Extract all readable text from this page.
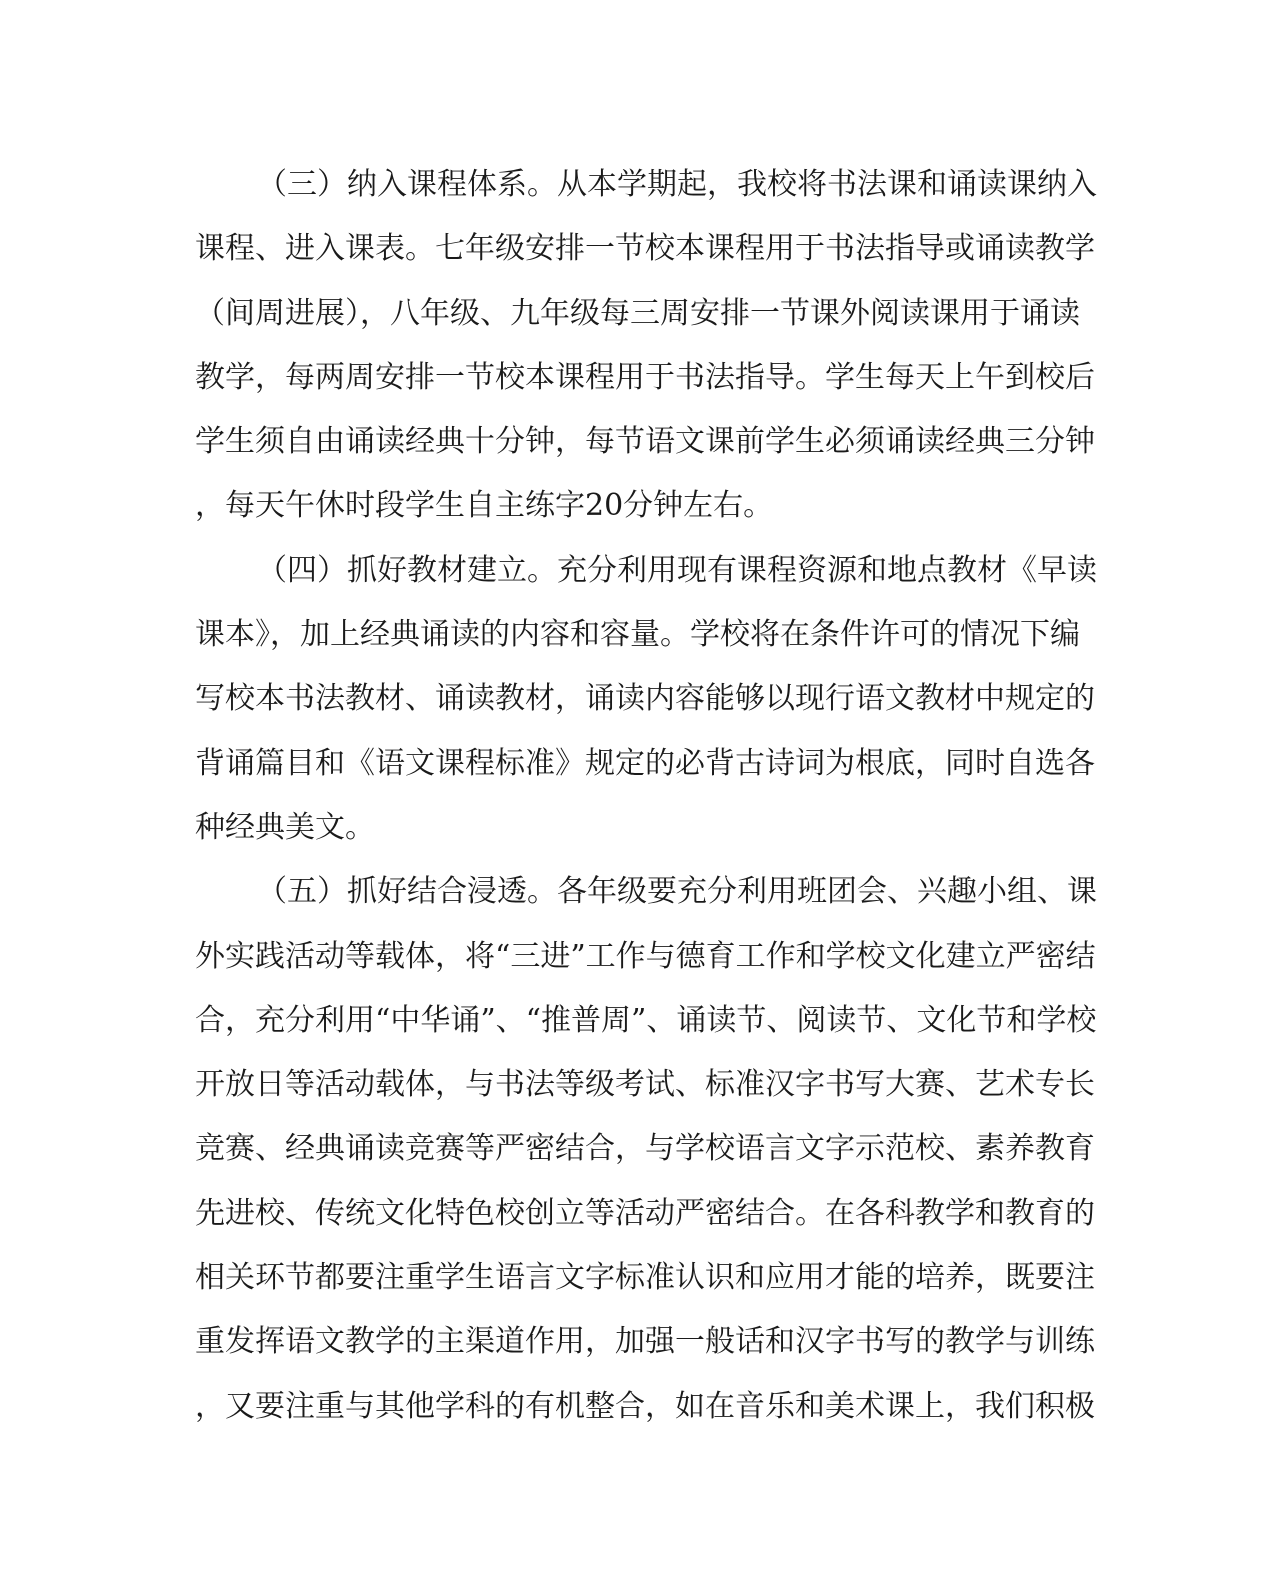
（三）纳入课程体系。从本学期起，我校将书法课和诵读课纳入
课程、进入课表。七年级安排一节校本课程用于书法指导或诵读教学
（间周进展），八年级、九年级每三周安排一节课外阅读课用于诵读
教学，每两周安排一节校本课程用于书法指导。学生每天上午到校后
学生须自由诵读经典十分钟，每节语文课前学生必须诵读经典三分钟
，每天午休时段学生自主练字20分钟左右。
（四）抓好教材建立。充分利用现有课程资源和地点教材《早读
课本》，加上经典诵读的内容和容量。学校将在条件许可的情况下编
写校本书法教材、诵读教材，诵读内容能够以现行语文教材中规定的
背诵篇目和《语文课程标准》规定的必背古诗词为根底，同时自选各
种经典美文。
（五）抓好结合浸透。各年级要充分利用班团会、兴趣小组、课
外实践活动等载体，将“三进”工作与德育工作和学校文化建立严密结
合，充分利用“中华诵”、“推普周”、诵读节、阅读节、文化节和学校
开放日等活动载体，与书法等级考试、标准汉字书写大赛、艺术专长
竞赛、经典诵读竞赛等严密结合，与学校语言文字示范校、素养教育
先进校、传统文化特色校创立等活动严密结合。在各科教学和教育的
相关环节都要注重学生语言文字标准认识和应用才能的培养，既要注
重发挥语文教学的主渠道作用，加强一般话和汉字书写的教学与训练
，又要注重与其他学科的有机整合，如在音乐和美术课上，我们积极
